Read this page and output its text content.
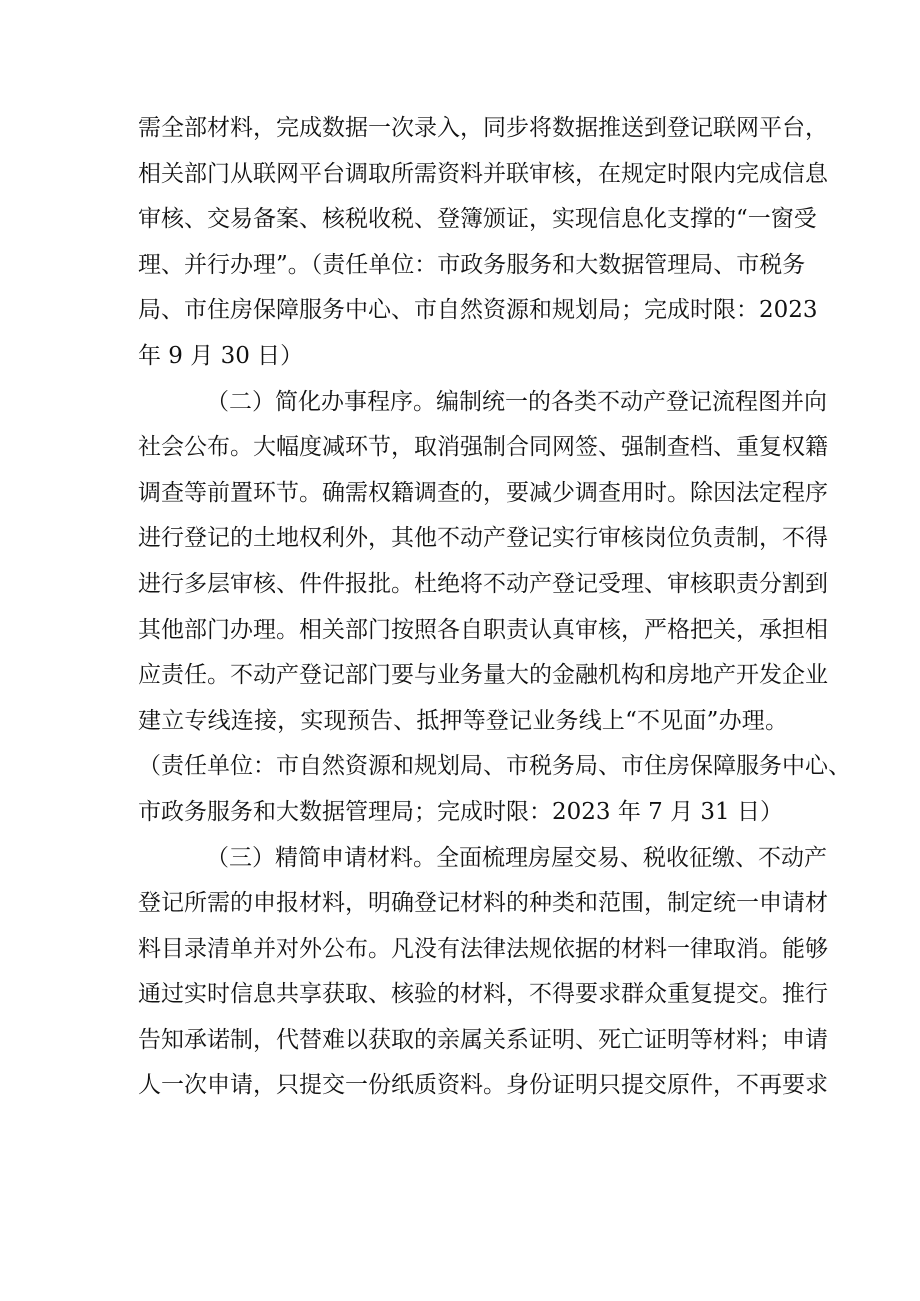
需全部材料，完成数据一次录入，同步将数据推送到登记联网平台，
相关部门从联网平台调取所需资料并联审核，在规定时限内完成信息
审核、交易备案、核税收税、登簿颁证，实现信息化支撑的“一窗受
理、并行办理”。（责任单位：市政务服务和大数据管理局、市税务
局、市住房保障服务中心、市自然资源和规划局；完成时限：2023
年 9 月 30 日）
（二）简化办事程序。编制统一的各类不动产登记流程图并向
社会公布。大幅度减环节，取消强制合同网签、强制查档、重复权籍
调查等前置环节。确需权籍调查的，要减少调查用时。除因法定程序
进行登记的土地权利外，其他不动产登记实行审核岗位负责制，不得
进行多层审核、件件报批。杜绝将不动产登记受理、审核职责分割到
其他部门办理。相关部门按照各自职责认真审核，严格把关，承担相
应责任。不动产登记部门要与业务量大的金融机构和房地产开发企业
建立专线连接，实现预告、抵押等登记业务线上“不见面”办理。
（责任单位：市自然资源和规划局、市税务局、市住房保障服务中心、
市政务服务和大数据管理局；完成时限：2023 年 7 月 31 日）
（三）精简申请材料。全面梳理房屋交易、税收征缴、不动产
登记所需的申报材料，明确登记材料的种类和范围，制定统一申请材
料目录清单并对外公布。凡没有法律法规依据的材料一律取消。能够
通过实时信息共享获取、核验的材料，不得要求群众重复提交。推行
告知承诺制，代替难以获取的亲属关系证明、死亡证明等材料；申请
人一次申请，只提交一份纸质资料。身份证明只提交原件，不再要求
